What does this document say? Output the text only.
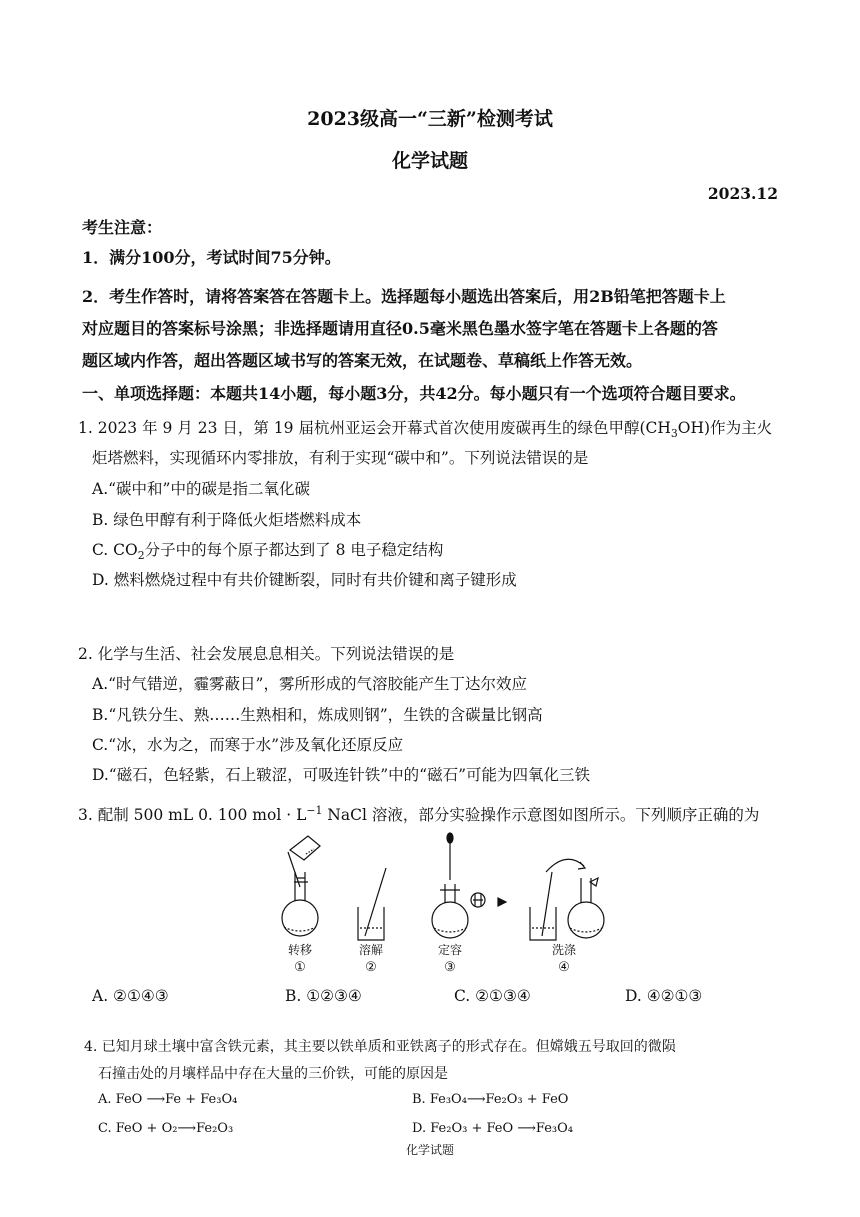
2023级高一“三新”检测考试
化学试题
2023.12
考生注意：
1．满分100分，考试时间75分钟。
2．考生作答时，请将答案答在答题卡上。选择题每小题选出答案后，用2B铅笔把答题卡上
对应题目的答案标号涂黑；非选择题请用直径0.5毫米黑色墨水签字笔在答题卡上各题的答
题区域内作答，超出答题区域书写的答案无效，在试题卷、草稿纸上作答无效。
一、单项选择题：本题共14小题，每小题3分，共42分。每小题只有一个选项符合题目要求。
1. 2023 年 9 月 23 日，第 19 届杭州亚运会开幕式首次使用废碳再生的绿色甲醇$(CH_3OH)$作为主火
炬塔燃料，实现循环内零排放，有利于实现“碳中和”。下列说法错误的是
A.“碳中和”中的碳是指二氧化碳
B. 绿色甲醇有利于降低火炬塔燃料成本
C. $CO_2$分子中的每个原子都达到了 8 电子稳定结构
D. 燃料燃烧过程中有共价键断裂，同时有共价键和离子键形成
2. 化学与生活、社会发展息息相关。下列说法错误的是
A.“时气错逆，霾雾蔽日”，雾所形成的气溶胶能产生丁达尔效应
B.“凡铁分生、熟……生熟相和，炼成则钢”，生铁的含碳量比钢高
C.“冰，水为之，而寒于水”涉及氧化还原反应
D.“磁石，色轻紫，石上皲涩，可吸连针铁”中的“磁石”可能为四氧化三铁
3. 配制 500 mL 0. 100 mol · $L^{-1}$ NaCl 溶液，部分实验操作示意图如图所示。下列顺序正确的为
转移
①
溶解
②
定容
③
洗涤
④
A. ②①④③	B. ①②③④	C. ②①③④	D. ④②①③
4. 已知月球土壤中富含铁元素，其主要以铁单质和亚铁离子的形式存在。但嫦娥五号取回的微陨
石撞击处的月壤样品中存在大量的三价铁，可能的原因是
A. FeO ⟶Fe + Fe₃O₄	B. Fe₃O₄⟶Fe₂O₃ + FeO
C. FeO + O₂⟶Fe₂O₃	D. Fe₂O₃ + FeO ⟶Fe₃O₄
化学试题
